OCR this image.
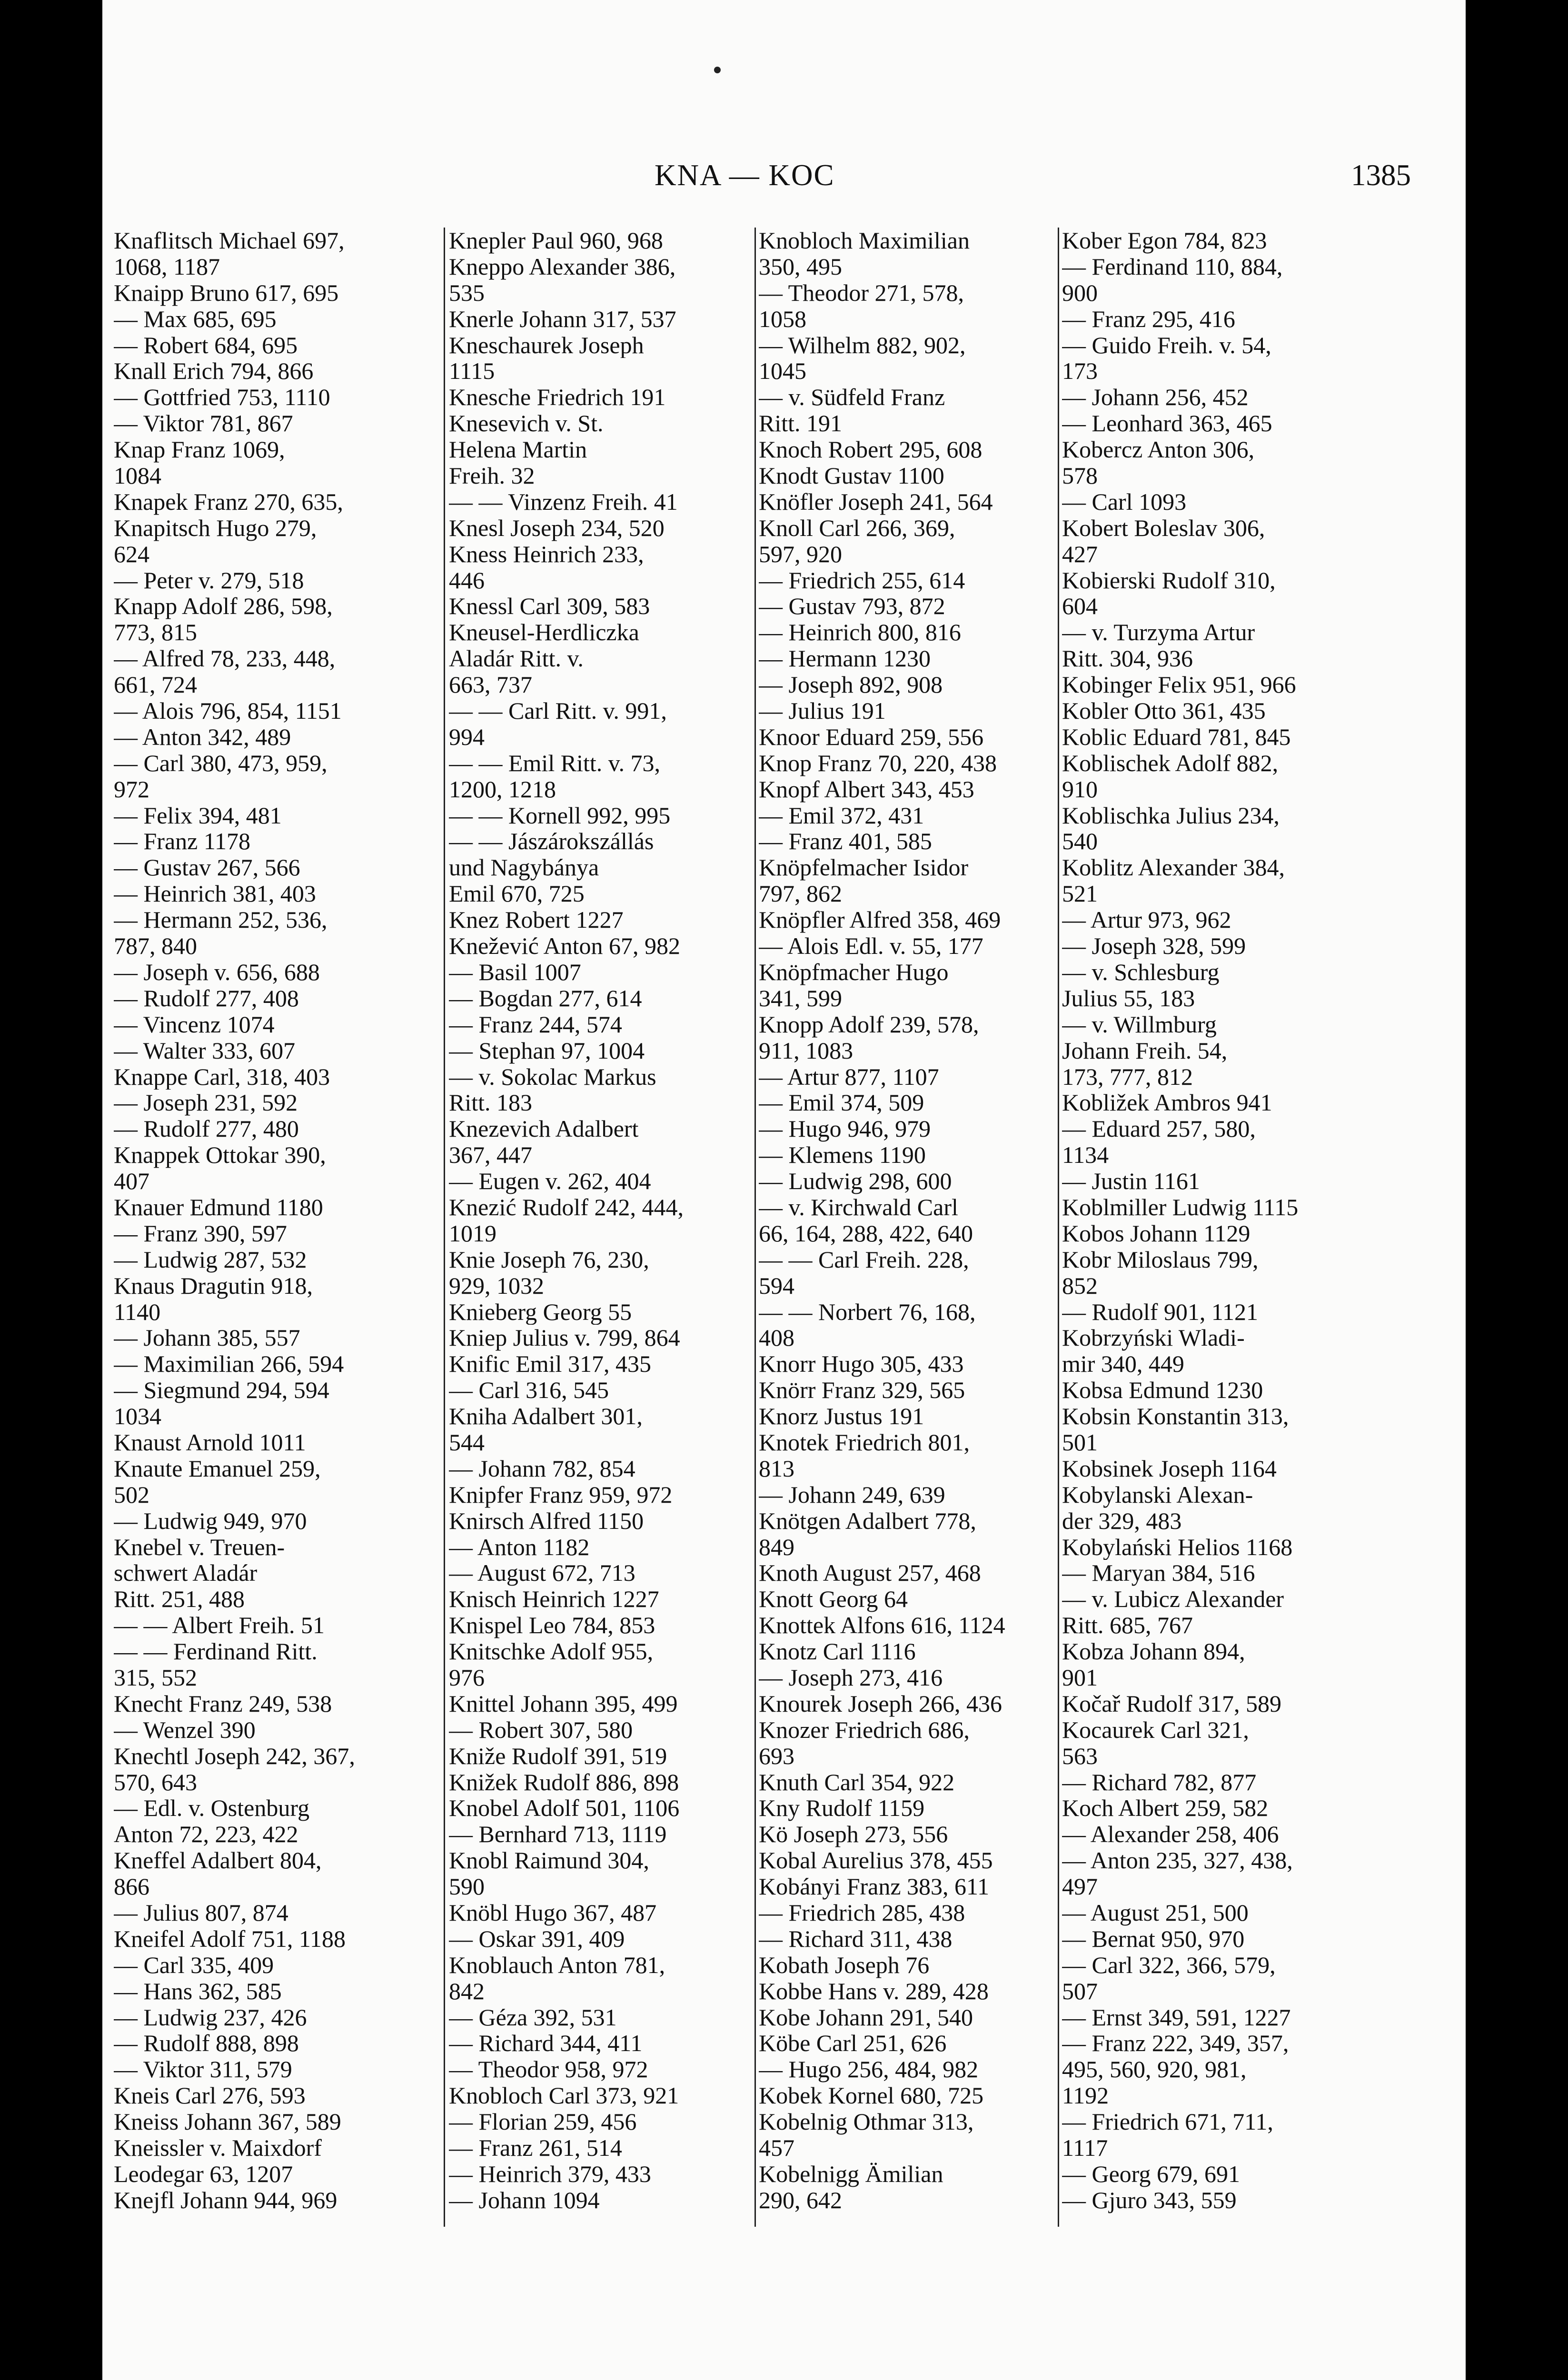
KNA — KOC	1385
Knaflitsch Michael 697,
1068, 1187
Knaipp Bruno 617, 695
— Max 685, 695
— Robert 684, 695
Knall Erich 794, 866
— Gottfried 753, 1110
— Viktor 781, 867
Knap Franz 1069,
1084
Knapek Franz 270, 635,
Knapitsch Hugo 279,
624
— Peter v. 279, 518
Knapp Adolf 286, 598,
773, 815
— Alfred 78, 233, 448,
661, 724
— Alois 796, 854, 1151
— Anton 342, 489
— Carl 380, 473, 959,
972
— Felix 394, 481
— Franz 1178
— Gustav 267, 566
— Heinrich 381, 403
— Hermann 252, 536,
787, 840
— Joseph v. 656, 688
— Rudolf 277, 408
— Vincenz 1074
— Walter 333, 607
Knappe Carl, 318, 403
— Joseph 231, 592
— Rudolf 277, 480
Knappek Ottokar 390,
407
Knauer Edmund 1180
— Franz 390, 597
— Ludwig 287, 532
Knaus Dragutin 918,
1140
— Johann 385, 557
— Maximilian 266, 594
— Siegmund 294, 594
1034
Knaust Arnold 1011
Knaute Emanuel 259,
502
— Ludwig 949, 970
Knebel v. Treuen-
schwert Aladár
Ritt. 251, 488
— — Albert Freih. 51
— — Ferdinand Ritt.
315, 552
Knecht Franz 249, 538
— Wenzel 390
Knechtl Joseph 242, 367,
570, 643
— Edl. v. Ostenburg
Anton 72, 223, 422
Kneffel Adalbert 804,
866
— Julius 807, 874
Kneifel Adolf 751, 1188
— Carl 335, 409
— Hans 362, 585
— Ludwig 237, 426
— Rudolf 888, 898
— Viktor 311, 579
Kneis Carl 276, 593
Kneiss Johann 367, 589
Kneissler v. Maixdorf
Leodegar 63, 1207
Knejfl Johann 944, 969
Knepler Paul 960, 968
Kneppo Alexander 386,
535
Knerle Johann 317, 537
Kneschaurek Joseph
1115
Knesche Friedrich 191
Knesevich v. St.
Helena Martin
Freih. 32
— — Vinzenz Freih. 41
Knesl Joseph 234, 520
Kness Heinrich 233,
446
Knessl Carl 309, 583
Kneusel-Herdliczka
Aladár Ritt. v.
663, 737
— — Carl Ritt. v. 991,
994
— — Emil Ritt. v. 73,
1200, 1218
— — Kornell 992, 995
— — Jászárokszállás
und Nagybánya
Emil 670, 725
Knez Robert 1227
Knežević Anton 67, 982
— Basil 1007
— Bogdan 277, 614
— Franz 244, 574
— Stephan 97, 1004
— v. Sokolac Markus
Ritt. 183
Knezevich Adalbert
367, 447
— Eugen v. 262, 404
Knezić Rudolf 242, 444,
1019
Knie Joseph 76, 230,
929, 1032
Knieberg Georg 55
Kniep Julius v. 799, 864
Knific Emil 317, 435
— Carl 316, 545
Kniha Adalbert 301,
544
— Johann 782, 854
Knipfer Franz 959, 972
Knirsch Alfred 1150
— Anton 1182
— August 672, 713
Knisch Heinrich 1227
Knispel Leo 784, 853
Knitschke Adolf 955,
976
Knittel Johann 395, 499
— Robert 307, 580
Kniže Rudolf 391, 519
Knižek Rudolf 886, 898
Knobel Adolf 501, 1106
— Bernhard 713, 1119
Knobl Raimund 304,
590
Knöbl Hugo 367, 487
— Oskar 391, 409
Knoblauch Anton 781,
842
— Géza 392, 531
— Richard 344, 411
— Theodor 958, 972
Knobloch Carl 373, 921
— Florian 259, 456
— Franz 261, 514
— Heinrich 379, 433
— Johann 1094
Knobloch Maximilian
350, 495
— Theodor 271, 578,
1058
— Wilhelm 882, 902,
1045
— v. Südfeld Franz
Ritt. 191
Knoch Robert 295, 608
Knodt Gustav 1100
Knöfler Joseph 241, 564
Knoll Carl 266, 369,
597, 920
— Friedrich 255, 614
— Gustav 793, 872
— Heinrich 800, 816
— Hermann 1230
— Joseph 892, 908
— Julius 191
Knoor Eduard 259, 556
Knop Franz 70, 220, 438
Knopf Albert 343, 453
— Emil 372, 431
— Franz 401, 585
Knöpfelmacher Isidor
797, 862
Knöpfler Alfred 358, 469
— Alois Edl. v. 55, 177
Knöpfmacher Hugo
341, 599
Knopp Adolf 239, 578,
911, 1083
— Artur 877, 1107
— Emil 374, 509
— Hugo 946, 979
— Klemens 1190
— Ludwig 298, 600
— v. Kirchwald Carl
66, 164, 288, 422, 640
— — Carl Freih. 228,
594
— — Norbert 76, 168,
408
Knorr Hugo 305, 433
Knörr Franz 329, 565
Knorz Justus 191
Knotek Friedrich 801,
813
— Johann 249, 639
Knötgen Adalbert 778,
849
Knoth August 257, 468
Knott Georg 64
Knottek Alfons 616, 1124
Knotz Carl 1116
— Joseph 273, 416
Knourek Joseph 266, 436
Knozer Friedrich 686,
693
Knuth Carl 354, 922
Kny Rudolf 1159
Kö Joseph 273, 556
Kobal Aurelius 378, 455
Kobányi Franz 383, 611
— Friedrich 285, 438
— Richard 311, 438
Kobath Joseph 76
Kobbe Hans v. 289, 428
Kobe Johann 291, 540
Köbe Carl 251, 626
— Hugo 256, 484, 982
Kobek Kornel 680, 725
Kobelnig Othmar 313,
457
Kobelnigg Ämilian
290, 642
Kober Egon 784, 823
— Ferdinand 110, 884,
900
— Franz 295, 416
— Guido Freih. v. 54,
173
— Johann 256, 452
— Leonhard 363, 465
Kobercz Anton 306,
578
— Carl 1093
Kobert Boleslav 306,
427
Kobierski Rudolf 310,
604
— v. Turzyma Artur
Ritt. 304, 936
Kobinger Felix 951, 966
Kobler Otto 361, 435
Koblic Eduard 781, 845
Koblischek Adolf 882,
910
Koblischka Julius 234,
540
Koblitz Alexander 384,
521
— Artur 973, 962
— Joseph 328, 599
— v. Schlesburg
Julius 55, 183
— v. Willmburg
Johann Freih. 54,
173, 777, 812
Kobližek Ambros 941
— Eduard 257, 580,
1134
— Justin 1161
Koblmiller Ludwig 1115
Kobos Johann 1129
Kobr Miloslaus 799,
852
— Rudolf 901, 1121
Kobrzyński Wladi-
mir 340, 449
Kobsa Edmund 1230
Kobsin Konstantin 313,
501
Kobsinek Joseph 1164
Kobylanski Alexan-
der 329, 483
Kobylański Helios 1168
— Maryan 384, 516
— v. Lubicz Alexander
Ritt. 685, 767
Kobza Johann 894,
901
Kočař Rudolf 317, 589
Kocaurek Carl 321,
563
— Richard 782, 877
Koch Albert 259, 582
— Alexander 258, 406
— Anton 235, 327, 438,
497
— August 251, 500
— Bernat 950, 970
— Carl 322, 366, 579,
507
— Ernst 349, 591, 1227
— Franz 222, 349, 357,
495, 560, 920, 981,
1192
— Friedrich 671, 711,
1117
— Georg 679, 691
— Gjuro 343, 559
